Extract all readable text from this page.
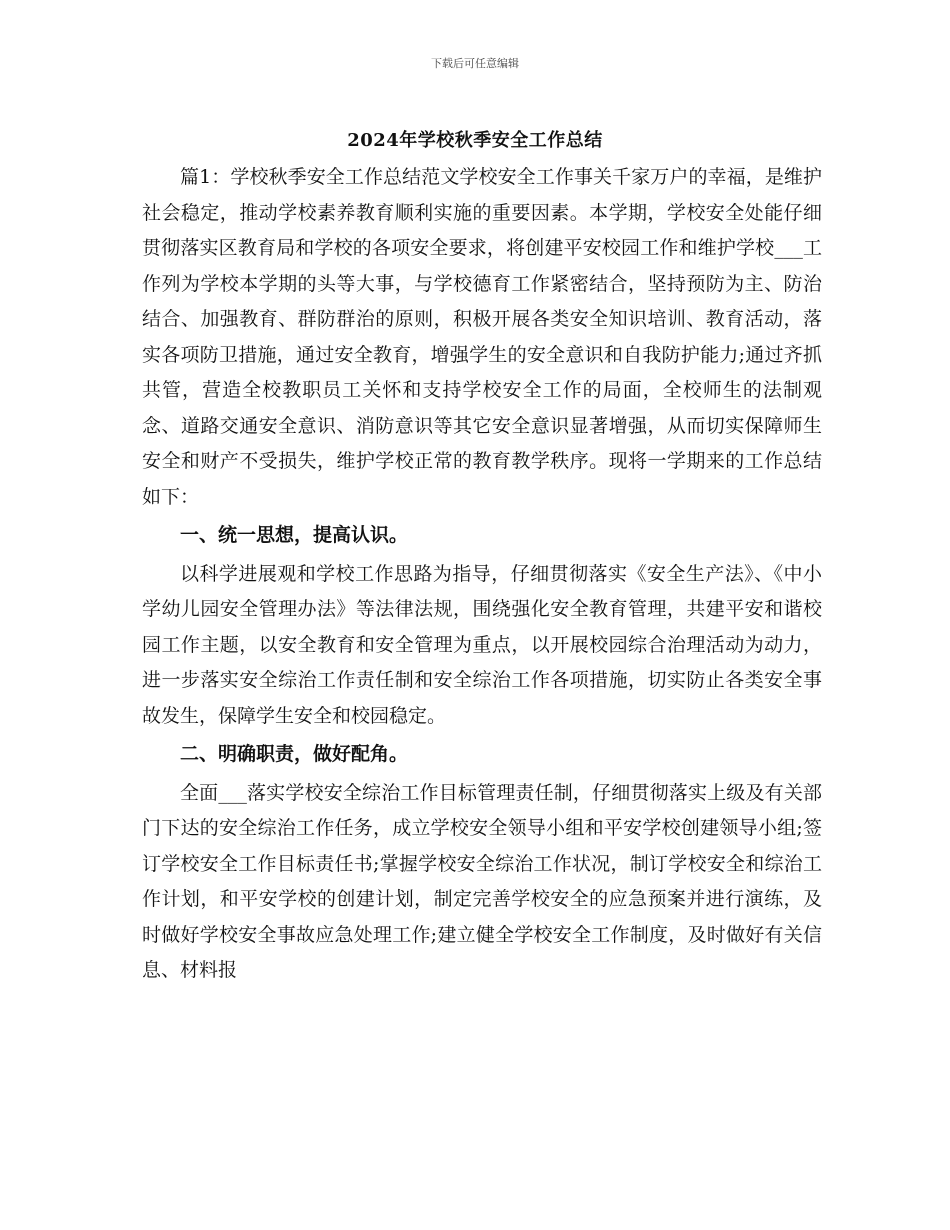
下载后可任意编辑
2024年学校秋季安全工作总结

篇1：学校秋季安全工作总结范文学校安全工作事关千家万户的幸福，是维护社会稳定，推动学校素养教育顺利实施的重要因素。本学期，学校安全处能仔细贯彻落实区教育局和学校的各项安全要求，将创建平安校园工作和维护学校___工作列为学校本学期的头等大事，与学校德育工作紧密结合，坚持预防为主、防治结合、加强教育、群防群治的原则，积极开展各类安全知识培训、教育活动，落实各项防卫措施，通过安全教育，增强学生的安全意识和自我防护能力;通过齐抓共管，营造全校教职员工关怀和支持学校安全工作的局面，全校师生的法制观念、道路交通安全意识、消防意识等其它安全意识显著增强，从而切实保障师生安全和财产不受损失，维护学校正常的教育教学秩序。现将一学期来的工作总结如下：

一、统一思想，提高认识。

以科学进展观和学校工作思路为指导，仔细贯彻落实《安全生产法》、《中小学幼儿园安全管理办法》等法律法规，围绕强化安全教育管理，共建平安和谐校园工作主题，以安全教育和安全管理为重点，以开展校园综合治理活动为动力，进一步落实安全综治工作责任制和安全综治工作各项措施，切实防止各类安全事故发生，保障学生安全和校园稳定。

二、明确职责，做好配角。

全面___落实学校安全综治工作目标管理责任制，仔细贯彻落实上级及有关部门下达的安全综治工作任务，成立学校安全领导小组和平安学校创建领导小组;签订学校安全工作目标责任书;掌握学校安全综治工作状况，制订学校安全和综治工作计划，和平安学校的创建计划，制定完善学校安全的应急预案并进行演练，及时做好学校安全事故应急处理工作;建立健全学校安全工作制度，及时做好有关信息、材料报
